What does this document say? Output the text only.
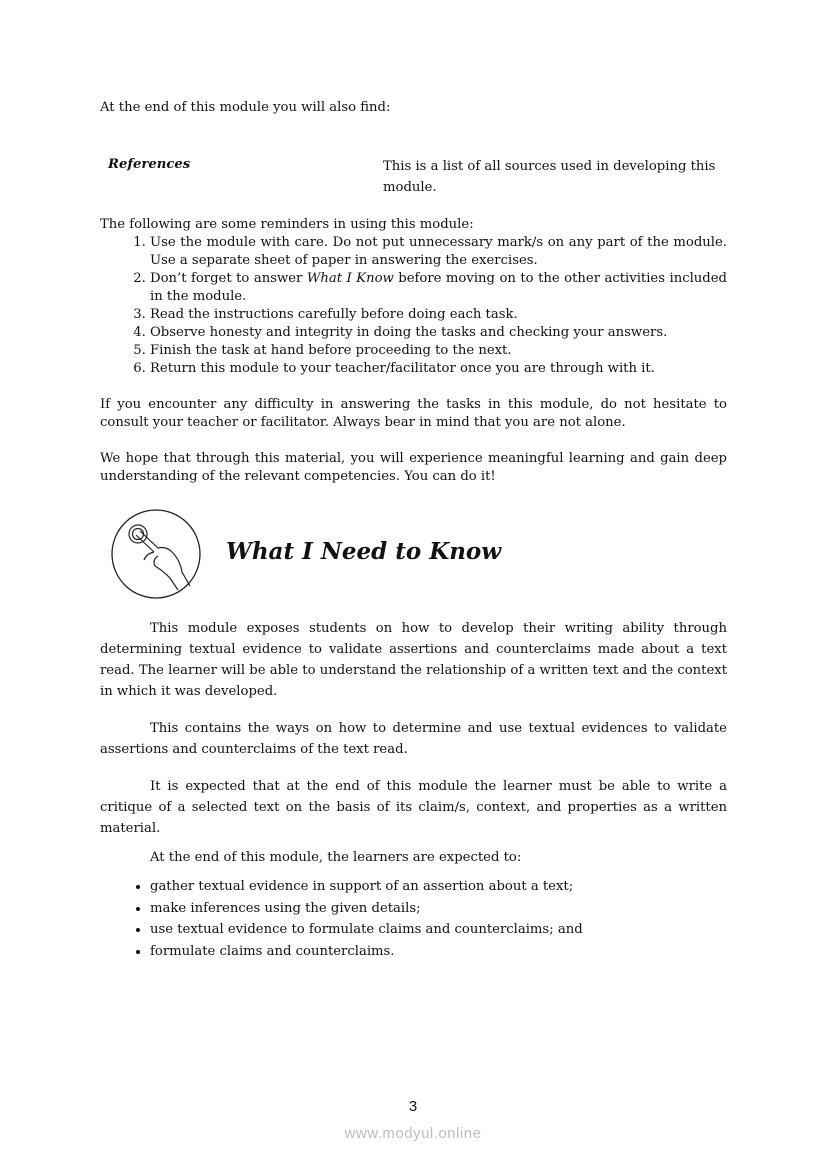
At the end of this module you will also find:
References	This is a list of all sources used in developing this module.
The following are some reminders in using this module:
1. Use the module with care. Do not put unnecessary mark/s on any part of the module. Use a separate sheet of paper in answering the exercises.
2. Don’t forget to answer What I Know before moving on to the other activities included in the module.
3. Read the instructions carefully before doing each task.
4. Observe honesty and integrity in doing the tasks and checking your answers.
5. Finish the task at hand before proceeding to the next.
6. Return this module to your teacher/facilitator once you are through with it.

If you encounter any difficulty in answering the tasks in this module, do not hesitate to consult your teacher or facilitator. Always bear in mind that you are not alone.

We hope that through this material, you will experience meaningful learning and gain deep understanding of the relevant competencies. You can do it!

What I Need to Know

This module exposes students on how to develop their writing ability through determining textual evidence to validate assertions and counterclaims made about a text read. The learner will be able to understand the relationship of a written text and the context in which it was developed.

This contains the ways on how to determine and use textual evidences to validate assertions and counterclaims of the text read.

It is expected that at the end of this module the learner must be able to write a critique of a selected text on the basis of its claim/s, context, and properties as a written material.

At the end of this module, the learners are expected to:

• gather textual evidence in support of an assertion about a text;
• make inferences using the given details;
• use textual evidence to formulate claims and counterclaims; and
• formulate claims and counterclaims.
3
www.modyul.online
